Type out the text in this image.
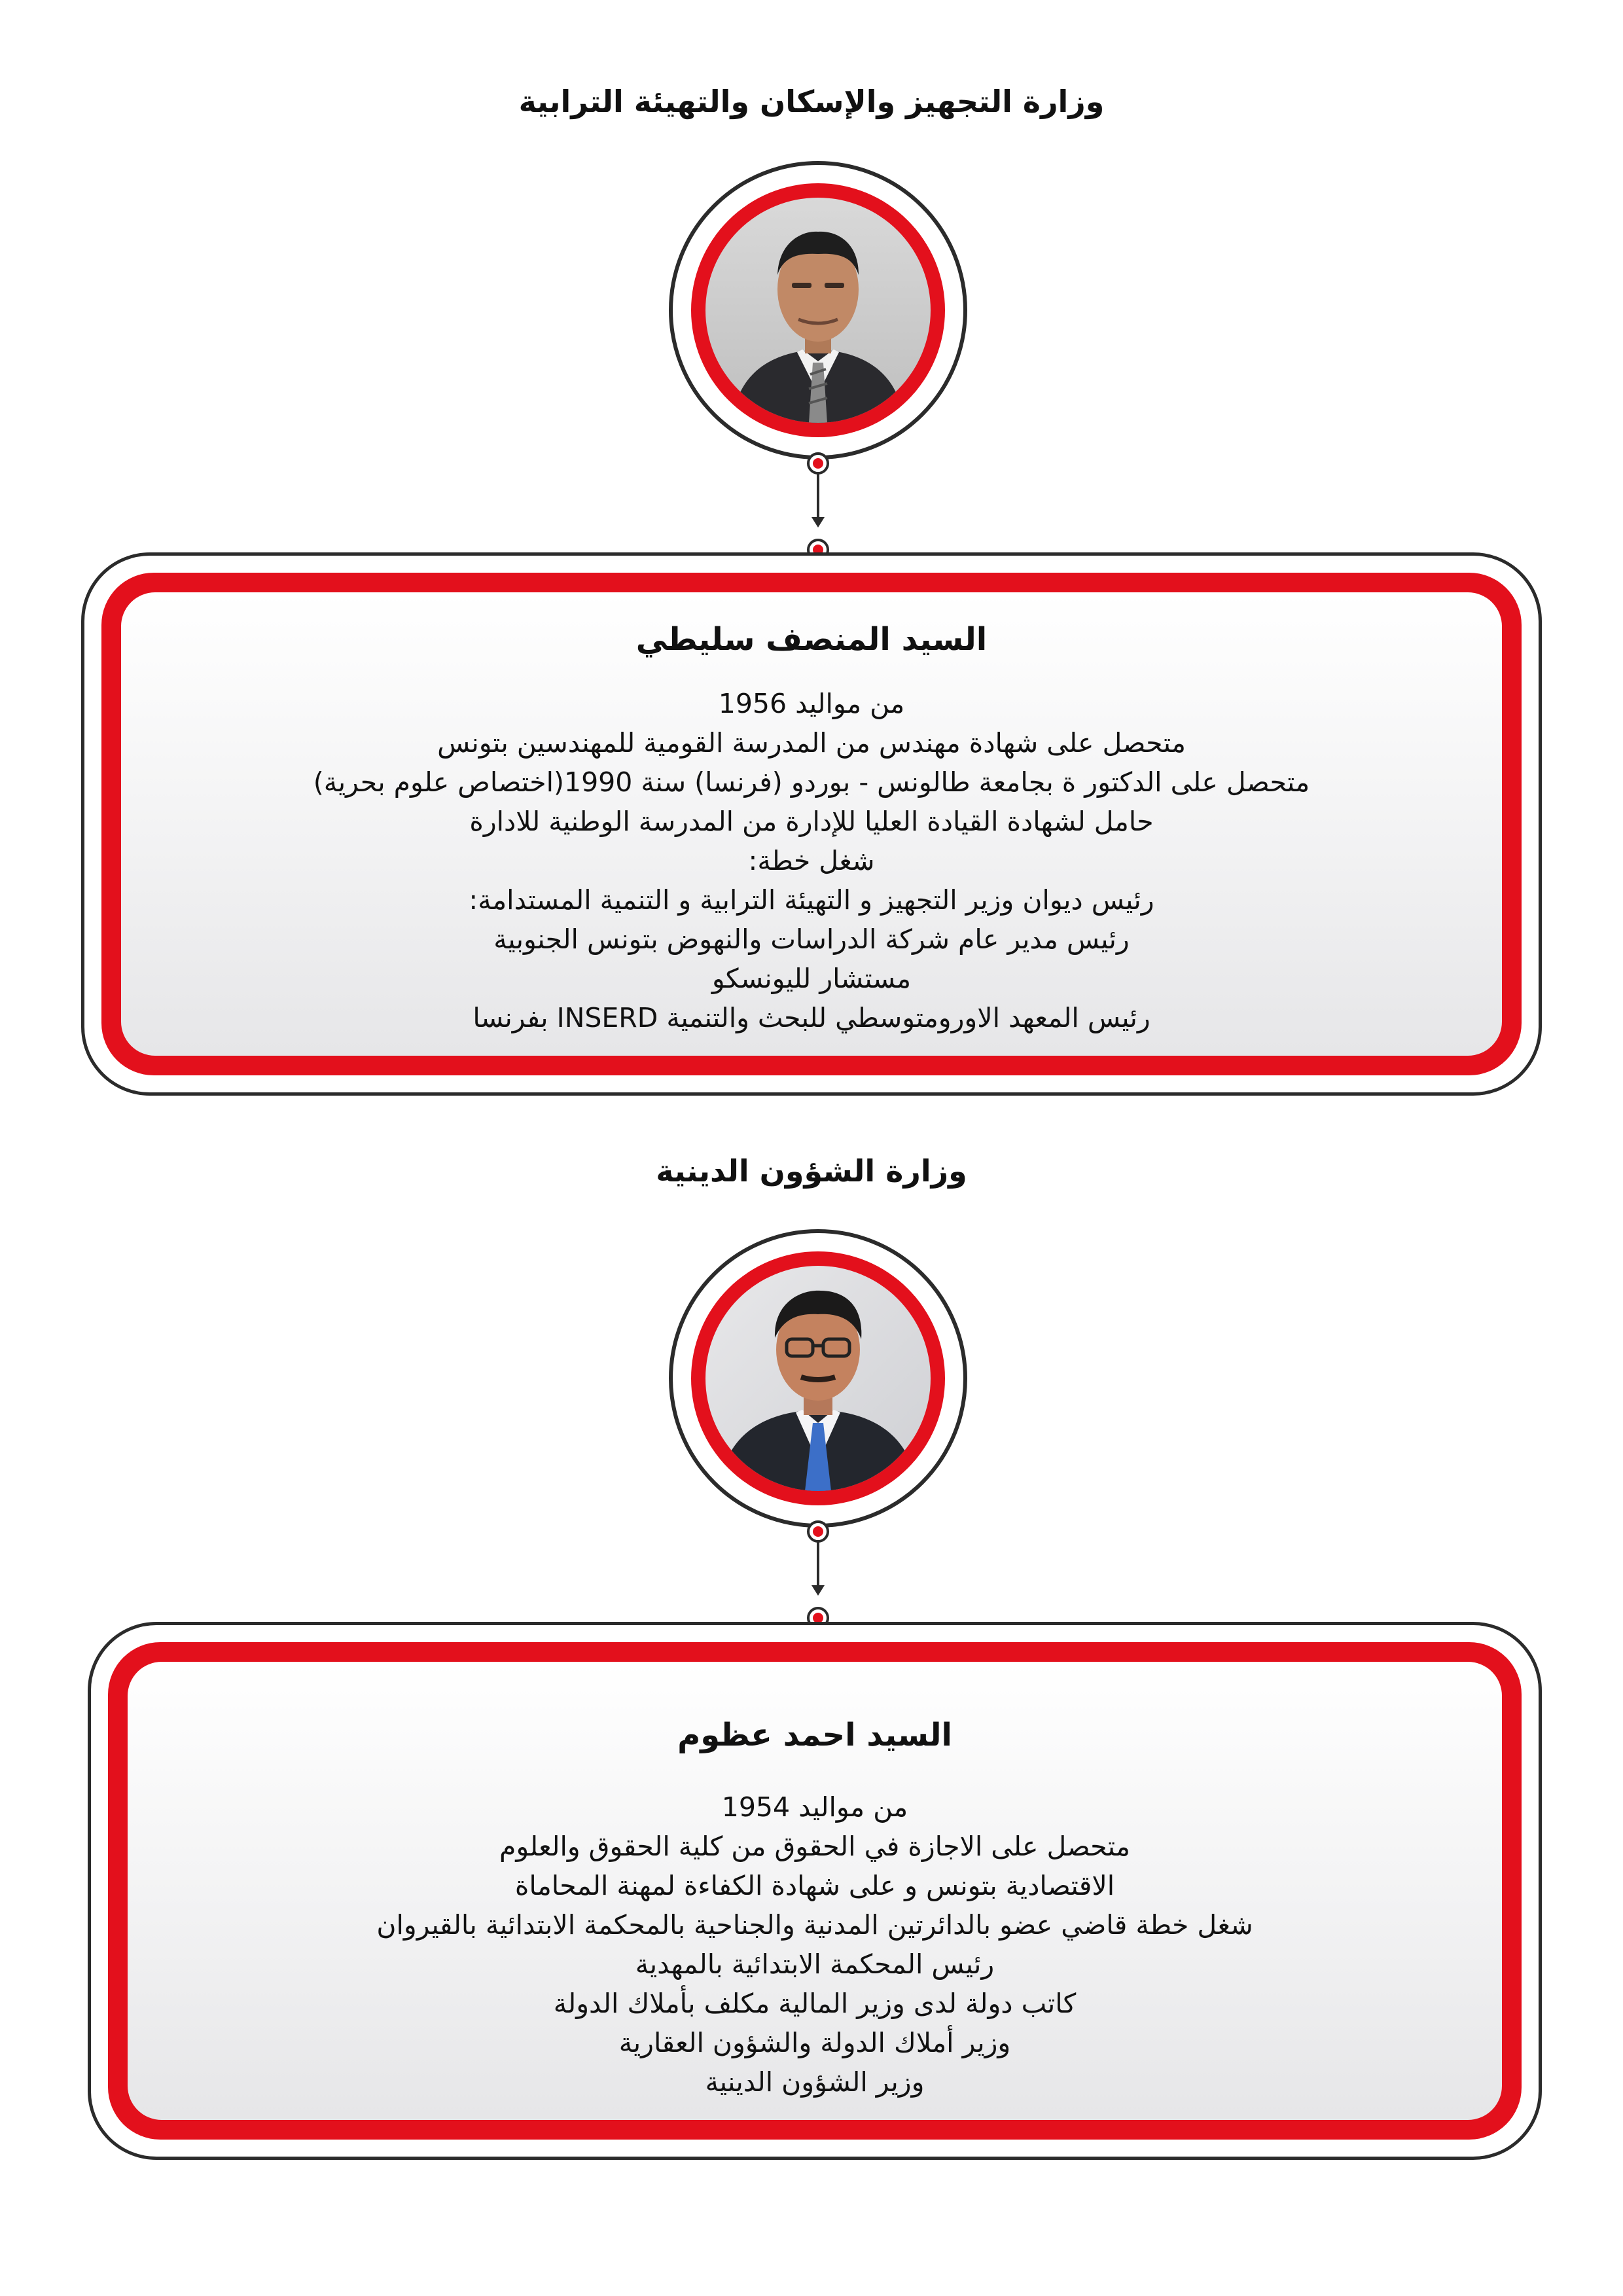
وزارة التجهيز والإسكان والتهيئة الترابية
السيد المنصف سليطي
من مواليد 1956
متحصل على شهادة مهندس من المدرسة القومية للمهندسين بتونس
متحصل على الدكتور ة بجامعة طالونس - بوردو (فرنسا) سنة 1990(اختصاص علوم بحرية)
حامل لشهادة القيادة العليا للإدارة من المدرسة الوطنية للادارة
شغل خطة:
رئيس ديوان وزير التجهيز و التهيئة الترابية و التنمية المستدامة:
رئيس مدير عام شركة الدراسات والنهوض بتونس الجنوبية
مستشار لليونسكو
رئيس المعهد الاورومتوسطي للبحث والتنمية INSERD بفرنسا
وزارة الشؤون الدينية
السيد احمد عظوم
من مواليد 1954
متحصل على الاجازة في الحقوق من كلية الحقوق والعلوم
الاقتصادية بتونس و على شهادة الكفاءة لمهنة المحاماة
شغل خطة قاضي عضو بالدائرتين المدنية والجناحية بالمحكمة الابتدائية بالقيروان
رئيس المحكمة الابتدائية بالمهدية
كاتب دولة لدى وزير المالية مكلف بأملاك الدولة
وزير أملاك الدولة والشؤون العقارية
وزير الشؤون الدينية
